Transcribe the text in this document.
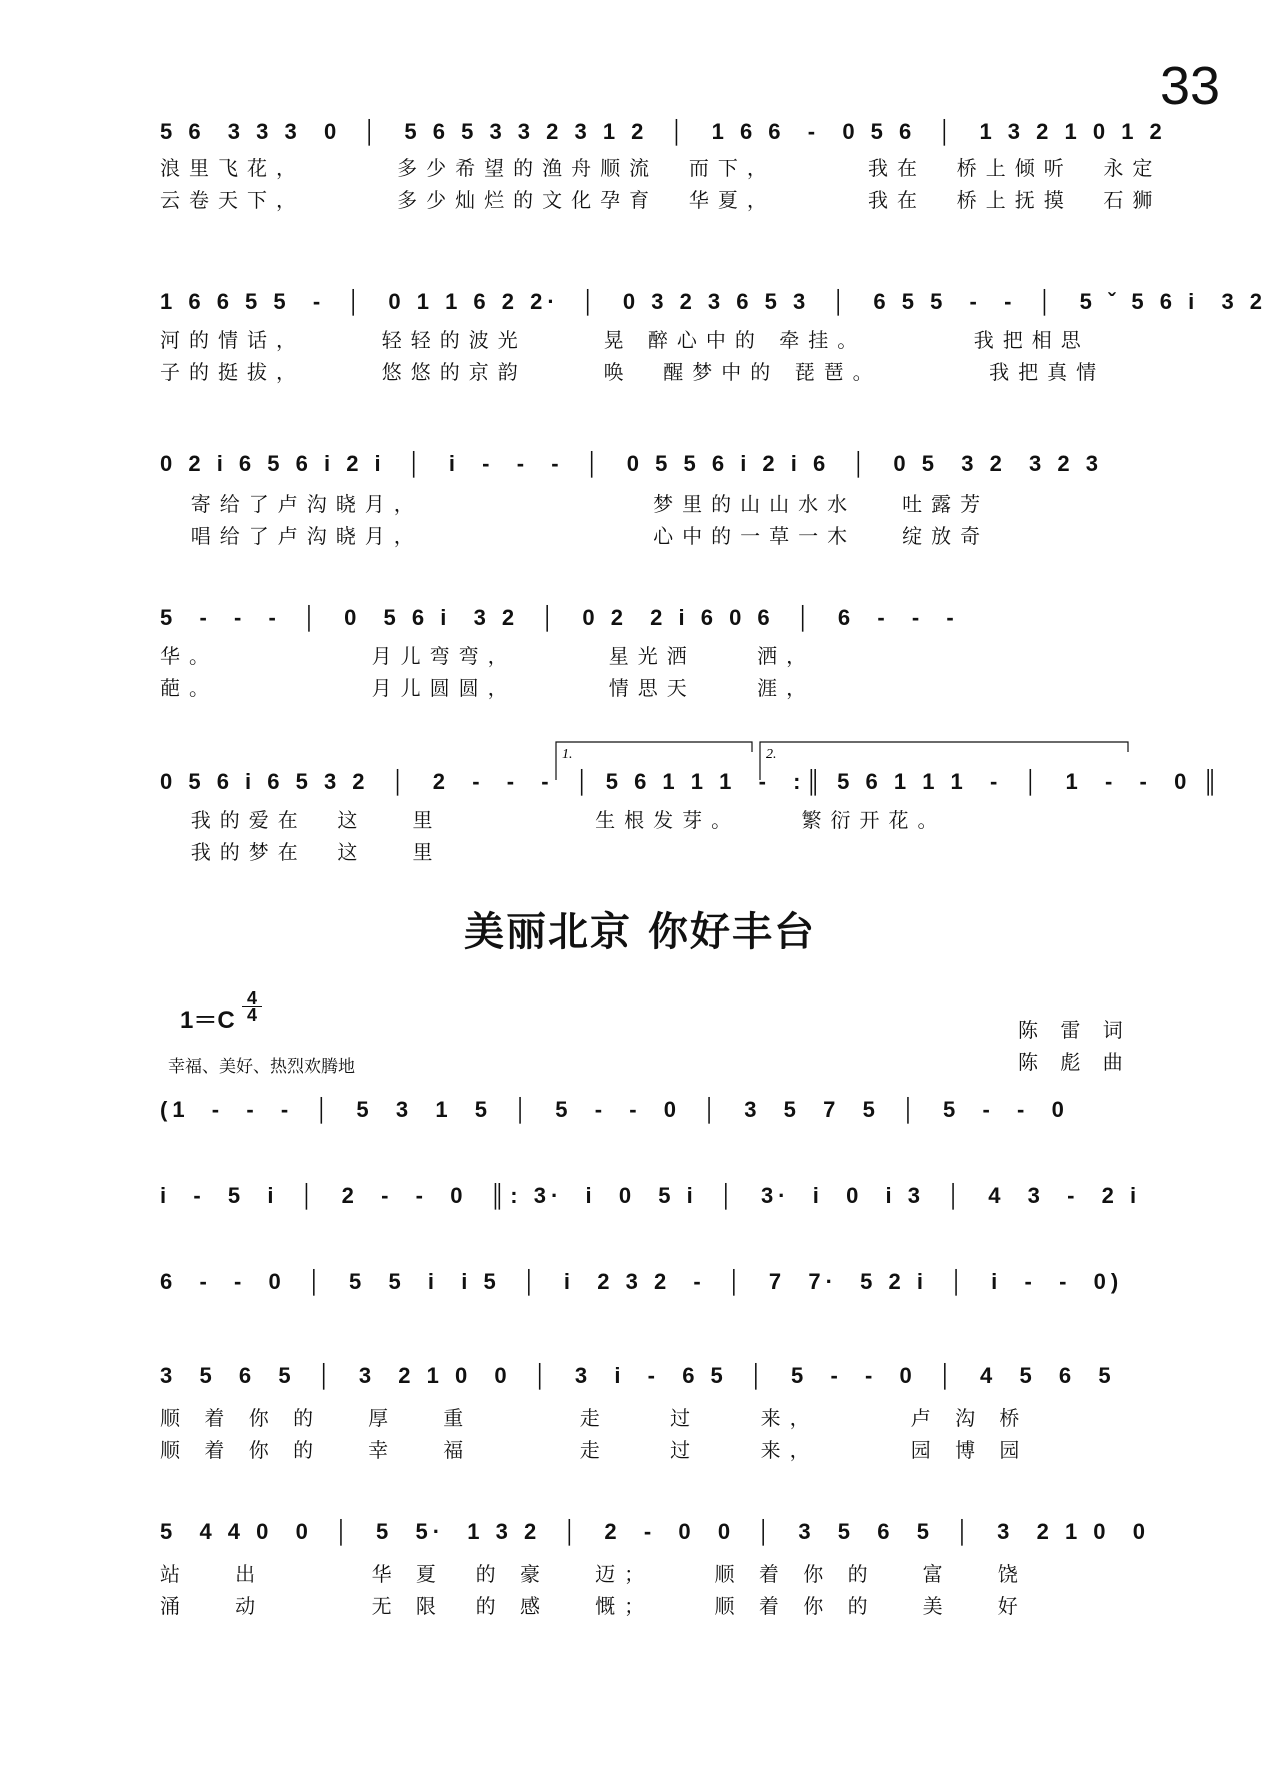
33
5 6  3 3 3  0  │  5 6 5 3 3 2 3 1 2  │  1 6 6  -  0 5 6  │  1 3 2 1 0 1 2
浪里飞花，      多少希望的渔舟顺流  而下，      我在  桥上倾听  永定
云卷天下，      多少灿烂的文化孕育  华夏，      我在  桥上抚摸  石狮
1 6 6 5 5  -  │  0 1 1 6 2 2·  │  0 3 2 3 6 5 3  │  6 5 5  -  -  │  5 ˇ 5 6 i  3 2
河的情话，     轻轻的波光     晃 醉心中的 牵挂。       我把相思
子的挺拔，     悠悠的京韵     唤  醒梦中的 琵琶。       我把真情
0 2 i 6 5 6 i 2 i  │  i  -  -  -  │  0 5 5 6 i 2 i 6  │  0 5  3 2  3 2 3
寄给了卢沟晓月，               梦里的山山水水   吐露芳
唱给了卢沟晓月，               心中的一草一木   绽放奇
5  -  -  -  │  0  5 6 i  3 2  │  0 2  2 i 6 0 6  │  6  -  -  -
华。          月儿弯弯，      星光洒    洒，
葩。          月儿圆圆，      情思天    涯，
1.	2.
0 5 6 i 6 5 3 2  │  2  -  -  -  │ 5 6 1 1 1  -  :║ 5 6 1 1 1  -  │  1  -  -  0 ║
我的爱在  这   里          生根发芽。    繁衍开花。
我的梦在  这   里
美丽北京 你好丰台
1＝C
4
4
幸福、美好、热烈欢腾地
陈 雷 词
陈 彪 曲
(1  -  -  -  │  5  3  1  5  │  5  -  -  0  │  3  5  7  5  │  5  -  -  0
i  -  5  i  │  2  -  -  0  ║: 3·  i  0  5 i  │  3·  i  0  i 3  │  4  3  -  2 i
6  -  -  0  │  5  5  i  i 5  │  i  2 3 2  -  │  7  7·  5 2 i  │  i  -  -  0)
3  5  6  5  │  3  2 1 0  0  │  3  i  -  6 5  │  5  -  -  0  │  4  5  6  5
顺 着 你 的   厚   重       走    过    来，      卢 沟 桥
顺 着 你 的   幸   福       走    过    来，      园 博 园
5  4 4 0  0  │  5  5·  1 3 2  │  2  -  0  0  │  3  5  6  5  │  3  2 1 0  0
站   出       华 夏  的 豪   迈；    顺 着 你 的   富   饶
涌   动       无 限  的 感   慨；    顺 着 你 的   美   好
